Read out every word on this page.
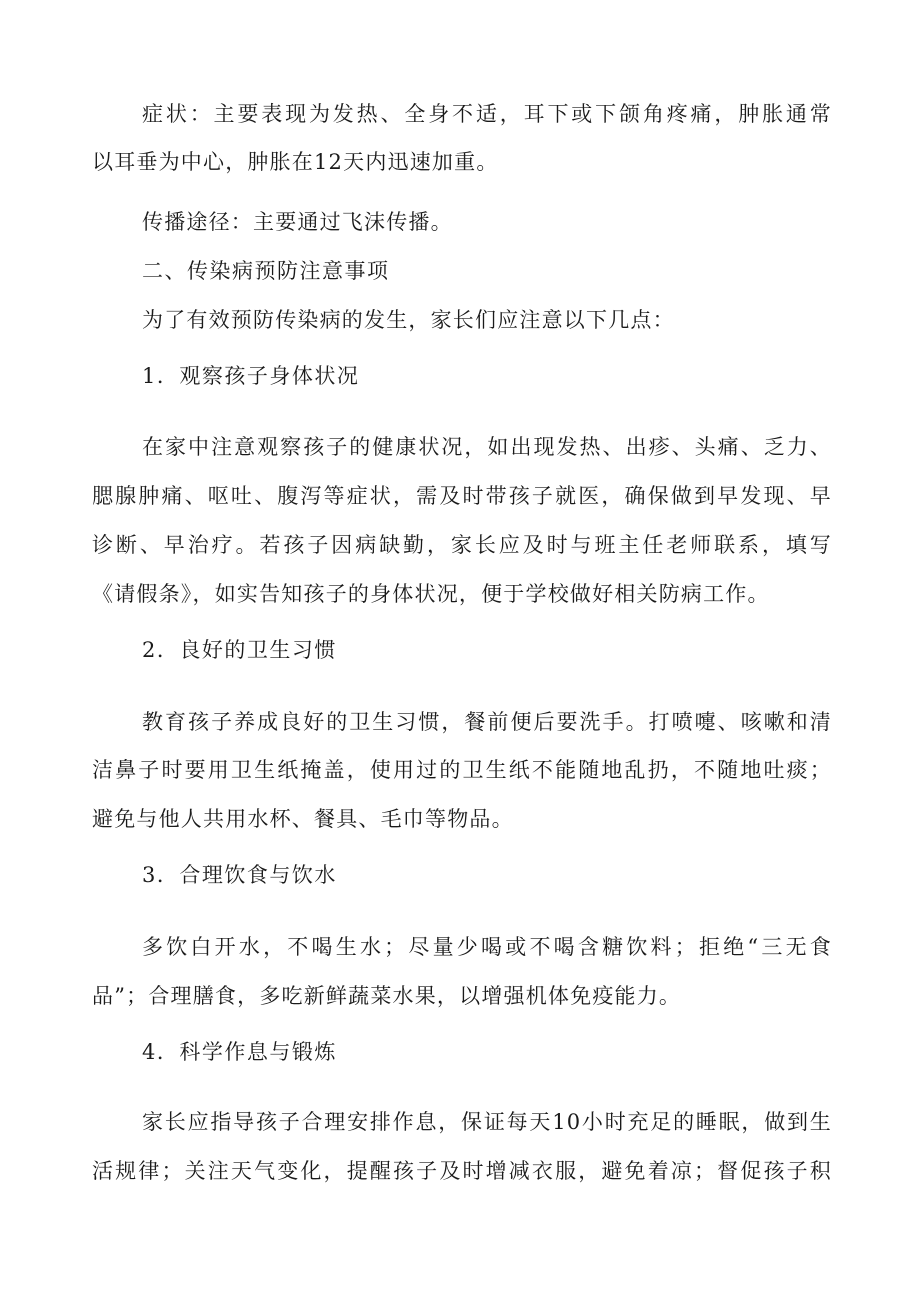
症状：主要表现为发热、全身不适，耳下或下颌角疼痛，肿胀通常
以耳垂为中心，肿胀在12天内迅速加重。
传播途径：主要通过飞沫传播。
二、传染病预防注意事项
为了有效预防传染病的发生，家长们应注意以下几点：
1．观察孩子身体状况
在家中注意观察孩子的健康状况，如出现发热、出疹、头痛、乏力、
腮腺肿痛、呕吐、腹泻等症状，需及时带孩子就医，确保做到早发现、早
诊断、早治疗。若孩子因病缺勤，家长应及时与班主任老师联系，填写
《请假条》，如实告知孩子的身体状况，便于学校做好相关防病工作。
2．良好的卫生习惯
教育孩子养成良好的卫生习惯，餐前便后要洗手。打喷嚏、咳嗽和清
洁鼻子时要用卫生纸掩盖，使用过的卫生纸不能随地乱扔，不随地吐痰；
避免与他人共用水杯、餐具、毛巾等物品。
3．合理饮食与饮水
多饮白开水，不喝生水；尽量少喝或不喝含糖饮料；拒绝“三无食
品”；合理膳食，多吃新鲜蔬菜水果，以增强机体免疫能力。
4．科学作息与锻炼
家长应指导孩子合理安排作息，保证每天10小时充足的睡眠，做到生
活规律；关注天气变化，提醒孩子及时增减衣服，避免着凉；督促孩子积
